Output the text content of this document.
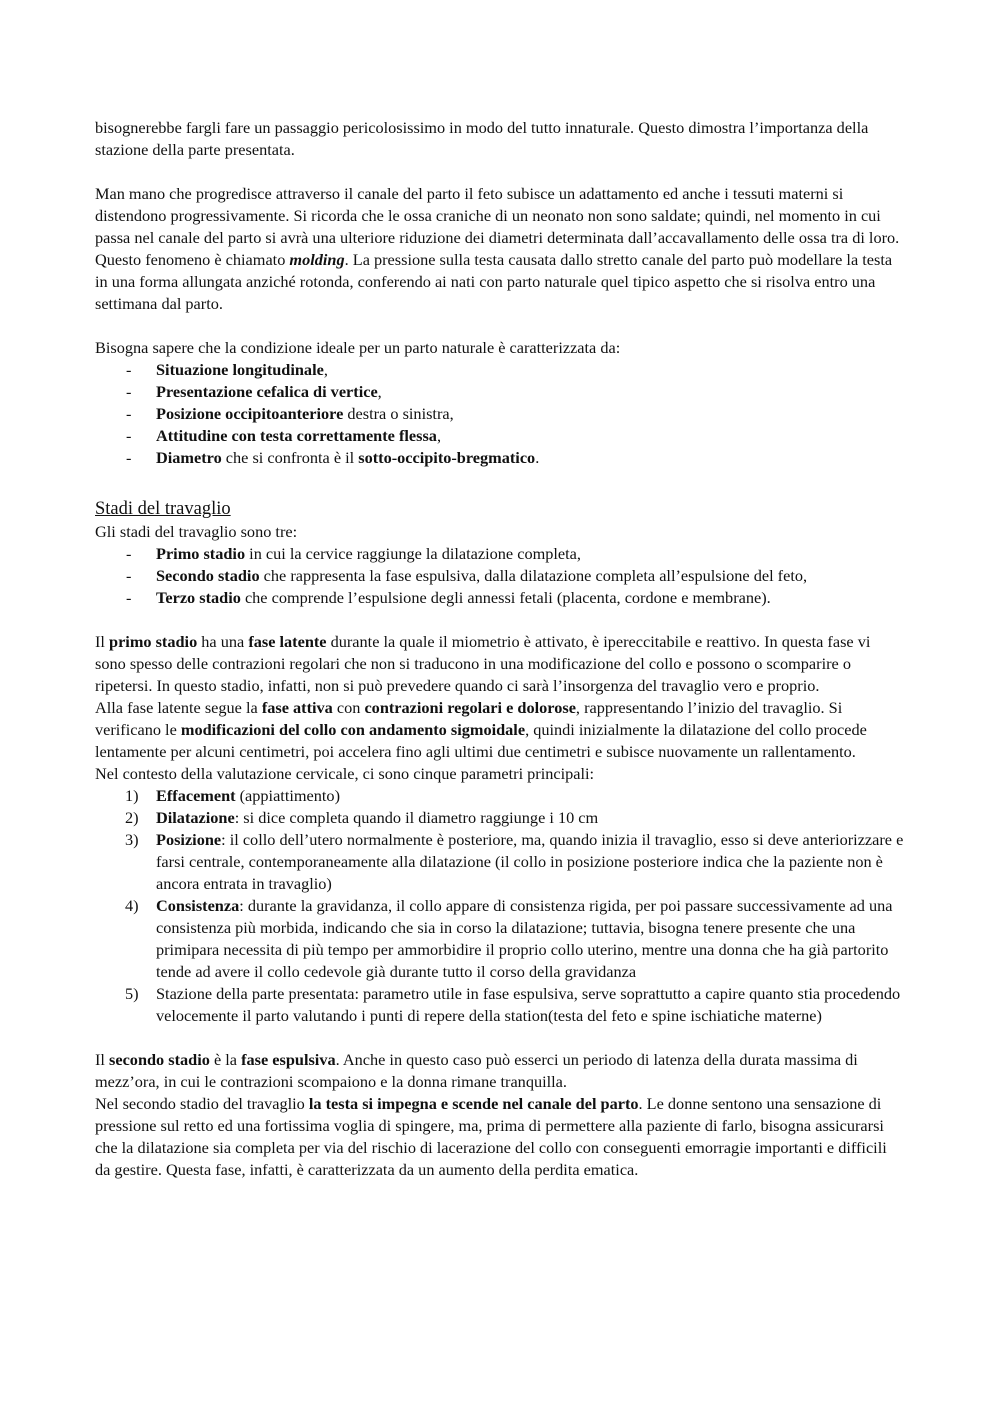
bisognerebbe fargli fare un passaggio pericolosissimo in modo del tutto innaturale. Questo dimostra l’importanza della stazione della parte presentata.

Man mano che progredisce attraverso il canale del parto il feto subisce un adattamento ed anche i tessuti materni si distendono progressivamente. Si ricorda che le ossa craniche di un neonato non sono saldate; quindi, nel momento in cui passa nel canale del parto si avrà una ulteriore riduzione dei diametri determinata dall’accavallamento delle ossa tra di loro. Questo fenomeno è chiamato molding. La pressione sulla testa causata dallo stretto canale del parto può modellare la testa in una forma allungata anziché rotonda, conferendo ai nati con parto naturale quel tipico aspetto che si risolva entro una settimana dal parto.

Bisogna sapere che la condizione ideale per un parto naturale è caratterizzata da:

- Situazione longitudinale,
- Presentazione cefalica di vertice,
- Posizione occipitoanteriore destra o sinistra,
- Attitudine con testa correttamente flessa,
- Diametro che si confronta è il sotto-occipito-bregmatico.

Stadi del travaglio

Gli stadi del travaglio sono tre:

- Primo stadio in cui la cervice raggiunge la dilatazione completa,
- Secondo stadio che rappresenta la fase espulsiva, dalla dilatazione completa all’espulsione del feto,
- Terzo stadio che comprende l’espulsione degli annessi fetali (placenta, cordone e membrane).

Il primo stadio ha una fase latente durante la quale il miometrio è attivato, è ipereccitabile e reattivo. In questa fase vi sono spesso delle contrazioni regolari che non si traducono in una modificazione del collo e possono o scomparire o ripetersi. In questo stadio, infatti, non si può prevedere quando ci sarà l’insorgenza del travaglio vero e proprio.

Alla fase latente segue la fase attiva con contrazioni regolari e dolorose, rappresentando l’inizio del travaglio. Si verificano le modificazioni del collo con andamento sigmoidale, quindi inizialmente la dilatazione del collo procede lentamente per alcuni centimetri, poi accelera fino agli ultimi due centimetri e subisce nuovamente un rallentamento.

Nel contesto della valutazione cervicale, ci sono cinque parametri principali:

1) Effacement (appiattimento)
2) Dilatazione: si dice completa quando il diametro raggiunge i 10 cm
3) Posizione: il collo dell’utero normalmente è posteriore, ma, quando inizia il travaglio, esso si deve anteriorizzare e farsi centrale, contemporaneamente alla dilatazione (il collo in posizione posteriore indica che la paziente non è ancora entrata in travaglio)
4) Consistenza: durante la gravidanza, il collo appare di consistenza rigida, per poi passare successivamente ad una consistenza più morbida, indicando che sia in corso la dilatazione; tuttavia, bisogna tenere presente che una primipara necessita di più tempo per ammorbidire il proprio collo uterino, mentre una donna che ha già partorito tende ad avere il collo cedevole già durante tutto il corso della gravidanza
5) Stazione della parte presentata: parametro utile in fase espulsiva, serve soprattutto a capire quanto stia procedendo velocemente il parto valutando i punti di repere della station(testa del feto e spine ischiatiche materne)

Il secondo stadio è la fase espulsiva. Anche in questo caso può esserci un periodo di latenza della durata massima di mezz’ora, in cui le contrazioni scompaiono e la donna rimane tranquilla.

Nel secondo stadio del travaglio la testa si impegna e scende nel canale del parto. Le donne sentono una sensazione di pressione sul retto ed una fortissima voglia di spingere, ma, prima di permettere alla paziente di farlo, bisogna assicurarsi che la dilatazione sia completa per via del rischio di lacerazione del collo con conseguenti emorragie importanti e difficili da gestire. Questa fase, infatti, è caratterizzata da un aumento della perdita ematica.
